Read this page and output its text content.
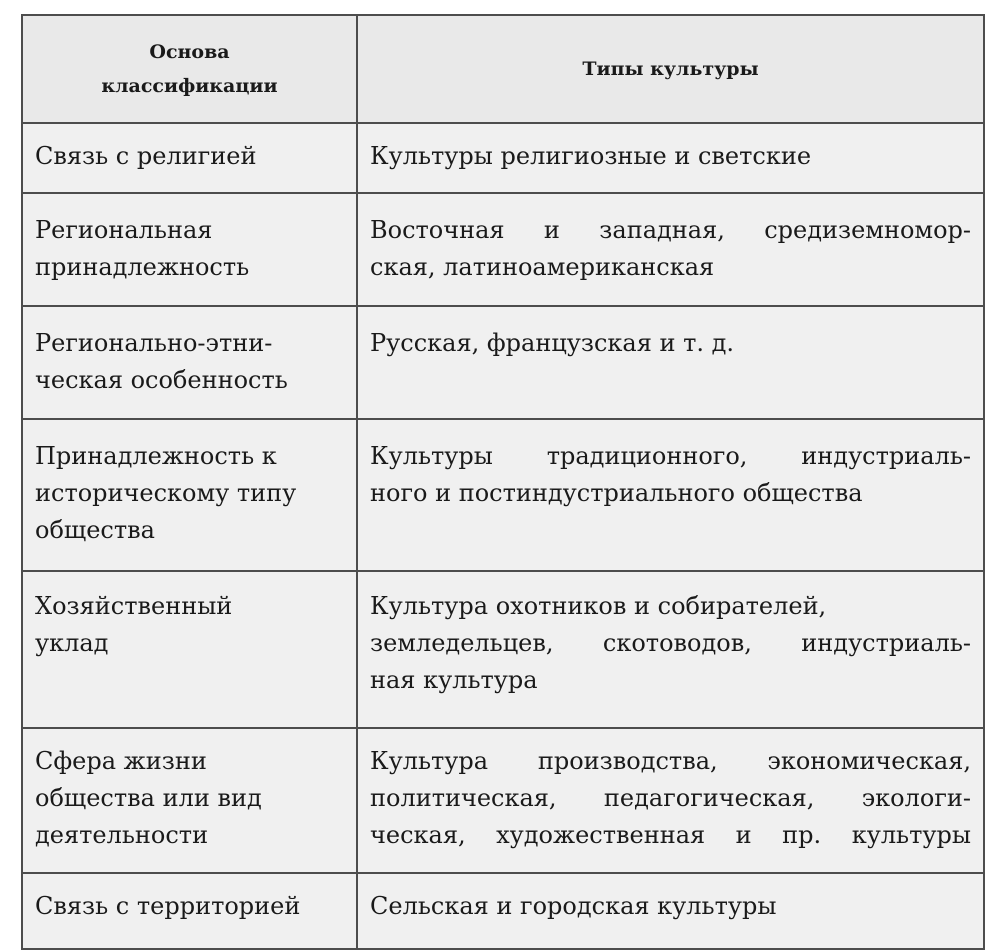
Основа
классификации	Типы культуры

Связь с религией	Культуры религиозные и светские

Региональная
принадлежность	Восточная и западная, средиземномор-
ская, латиноамериканская

Регионально-этни-
ческая особенность	Русская, французская и т. д.

Принадлежность к
историческому типу
общества	Культуры традиционного, индустриаль-
ного и постиндустриального общества

Хозяйственный
уклад	Культура охотников и собирателей,
земледельцев, скотоводов, индустриаль-
ная культура

Сфера жизни
общества или вид
деятельности	Культура производства, экономическая,
политическая, педагогическая, экологи-
ческая, художественная и пр. культуры

Связь с территорией	Сельская и городская культуры
